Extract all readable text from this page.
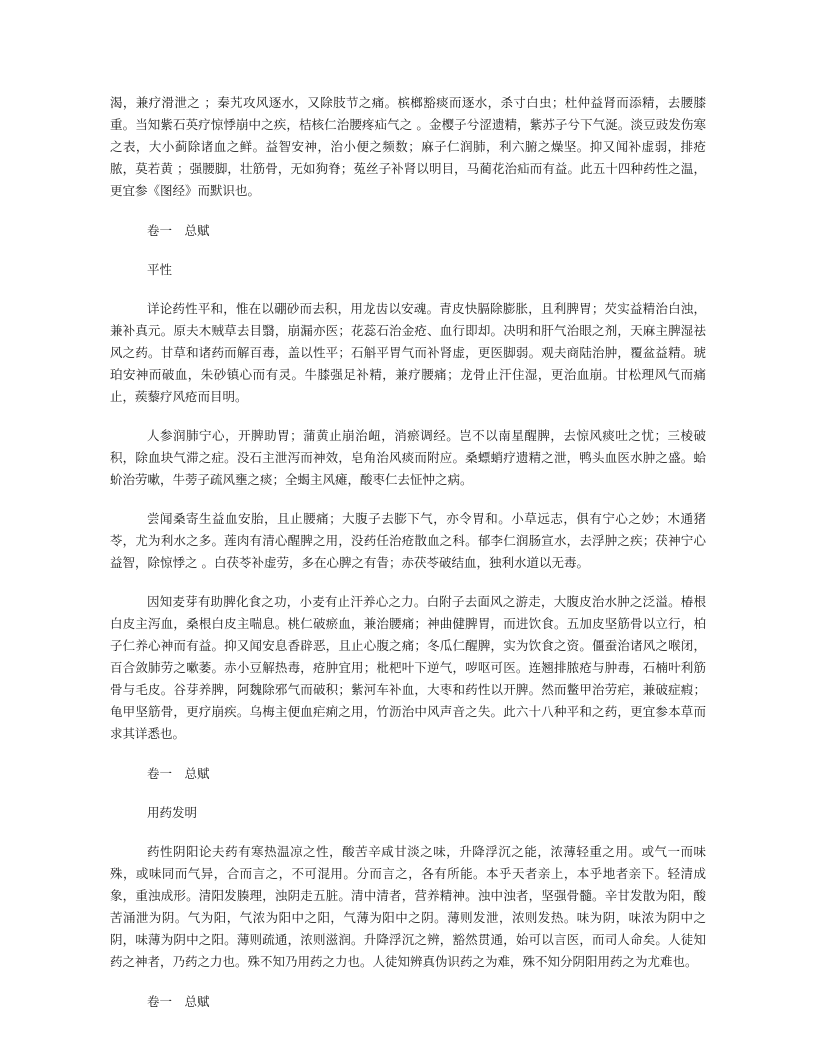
渴，兼疗滑泄之 ；秦艽攻风逐水，又除肢节之痛。槟榔豁痰而逐水，杀寸白虫；杜仲益肾而添精，去腰膝重。当知紫石英疗惊悸崩中之疾，桔核仁治腰疼疝气之 。金樱子兮涩遗精，紫苏子兮下气涎。淡豆豉发伤寒之表，大小蓟除诸血之鲜。益智安神，治小便之频数；麻子仁润肺，利六腑之燥坚。抑又闻补虚弱，排疮脓，莫若黄 ；强腰脚，壮筋骨，无如狗脊；菟丝子补肾以明目，马蔺花治疝而有益。此五十四种药性之温，更宜参《图经》而默识也。

卷一　总赋

平性

详论药性平和，惟在以硼砂而去积，用龙齿以安魂。青皮快膈除膨胀，且利脾胃；芡实益精治白浊，兼补真元。原夫木贼草去目翳，崩漏亦医；花蕊石治金疮、血行即却。决明和肝气治眼之剂，天麻主脾湿祛风之药。甘草和诸药而解百毒，盖以性平；石斛平胃气而补肾虚，更医脚弱。观夫商陆治肿，覆盆益精。琥珀安神而破血，朱砂镇心而有灵。牛膝强足补精，兼疗腰痛；龙骨止汗住湿，更治血崩。甘松理风气而痛止，蒺藜疗风疮而目明。

人参润肺宁心，开脾助胃；蒲黄止崩治衄，消瘀调经。岂不以南星醒脾，去惊风痰吐之忧；三棱破积，除血块气滞之症。没石主泄泻而神效，皂角治风痰而附应。桑螵蛸疗遗精之泄，鸭头血医水肿之盛。蛤蚧治劳嗽，牛蒡子疏风壅之痰；全蝎主风瘫，酸枣仁去怔忡之病。

尝闻桑寄生益血安胎，且止腰痛；大腹子去膨下气，亦令胃和。小草远志，俱有宁心之妙；木通猪苓，尤为利水之多。莲肉有清心醒脾之用，没药任治疮散血之科。郁李仁润肠宣水，去浮肿之疾；茯神宁心益智，除惊悸之 。白茯苓补虚劳，多在心脾之有眚；赤茯苓破结血，独利水道以无毒。

因知麦芽有助脾化食之功，小麦有止汗养心之力。白附子去面风之游走，大腹皮治水肿之泛溢。椿根白皮主泻血，桑根白皮主喘息。桃仁破瘀血，兼治腰痛；神曲健脾胃，而进饮食。五加皮坚筋骨以立行，柏子仁养心神而有益。抑又闻安息香辟恶，且止心腹之痛；冬瓜仁醒脾，实为饮食之资。僵蚕治诸风之喉闭，百合敛肺劳之嗽萎。赤小豆解热毒，疮肿宜用；枇杷叶下逆气，哕呕可医。连翘排脓疮与肿毒，石楠叶利筋骨与毛皮。谷芽养脾，阿魏除邪气而破积；紫河车补血，大枣和药性以开脾。然而鳖甲治劳疟，兼破症瘕；龟甲坚筋骨，更疗崩疾。乌梅主便血疟痢之用，竹沥治中风声音之失。此六十八种平和之药，更宜参本草而求其详悉也。

卷一　总赋

用药发明

药性阴阳论夫药有寒热温凉之性，酸苦辛咸甘淡之味，升降浮沉之能，浓薄轻重之用。或气一而味殊，或味同而气异，合而言之，不可混用。分而言之，各有所能。本乎天者亲上，本乎地者亲下。轻清成象，重浊成形。清阳发腠理，浊阴走五脏。清中清者，营养精神。浊中浊者，坚强骨髓。辛甘发散为阳，酸苦涌泄为阴。气为阳，气浓为阳中之阳，气薄为阳中之阴。薄则发泄，浓则发热。味为阴，味浓为阴中之阴，味薄为阴中之阳。薄则疏通，浓则滋润。升降浮沉之辨，豁然贯通，始可以言医，而司人命矣。人徒知药之神者，乃药之力也。殊不知乃用药之力也。人徒知辨真伪识药之为难，殊不知分阴阳用药之为尤难也。

卷一　总赋
